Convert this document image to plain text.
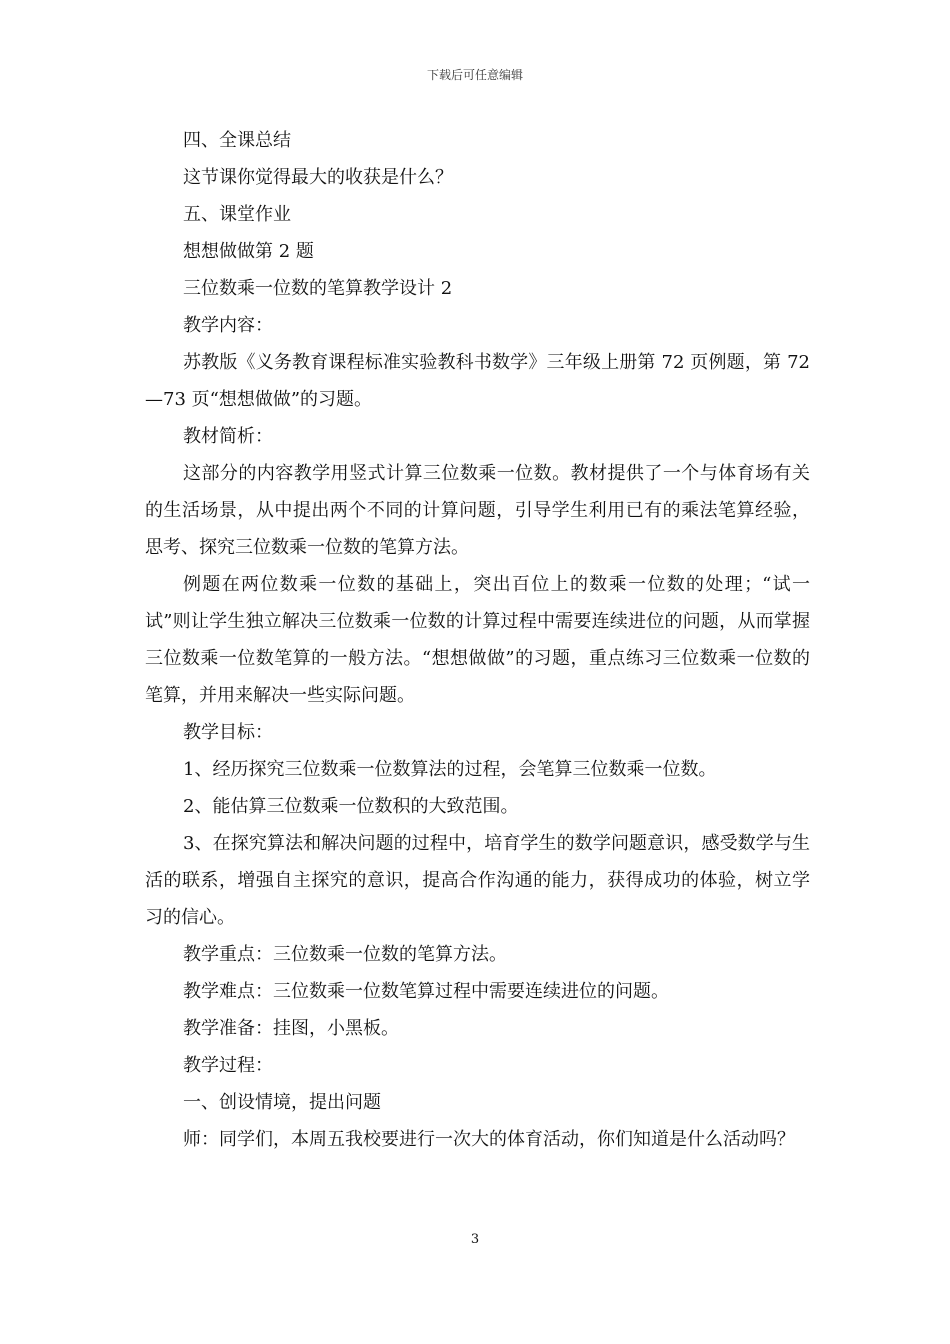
下载后可任意编辑

四、全课总结

这节课你觉得最大的收获是什么？

五、课堂作业

想想做做第 2 题

三位数乘一位数的笔算教学设计 2

教学内容：

苏教版《义务教育课程标准实验教科书数学》三年级上册第 72 页例题，第 72—73 页“想想做做”的习题。

教材简析：

这部分的内容教学用竖式计算三位数乘一位数。教材提供了一个与体育场有关的生活场景，从中提出两个不同的计算问题，引导学生利用已有的乘法笔算经验，思考、探究三位数乘一位数的笔算方法。

例题在两位数乘一位数的基础上，突出百位上的数乘一位数的处理；“试一试”则让学生独立解决三位数乘一位数的计算过程中需要连续进位的问题，从而掌握三位数乘一位数笔算的一般方法。“想想做做”的习题，重点练习三位数乘一位数的笔算，并用来解决一些实际问题。

教学目标：

1、经历探究三位数乘一位数算法的过程，会笔算三位数乘一位数。

2、能估算三位数乘一位数积的大致范围。

3、在探究算法和解决问题的过程中，培育学生的数学问题意识，感受数学与生活的联系，增强自主探究的意识，提高合作沟通的能力，获得成功的体验，树立学习的信心。

教学重点：三位数乘一位数的笔算方法。

教学难点：三位数乘一位数笔算过程中需要连续进位的问题。

教学准备：挂图，小黑板。

教学过程：

一、创设情境，提出问题

师：同学们，本周五我校要进行一次大的体育活动，你们知道是什么活动吗？

3
